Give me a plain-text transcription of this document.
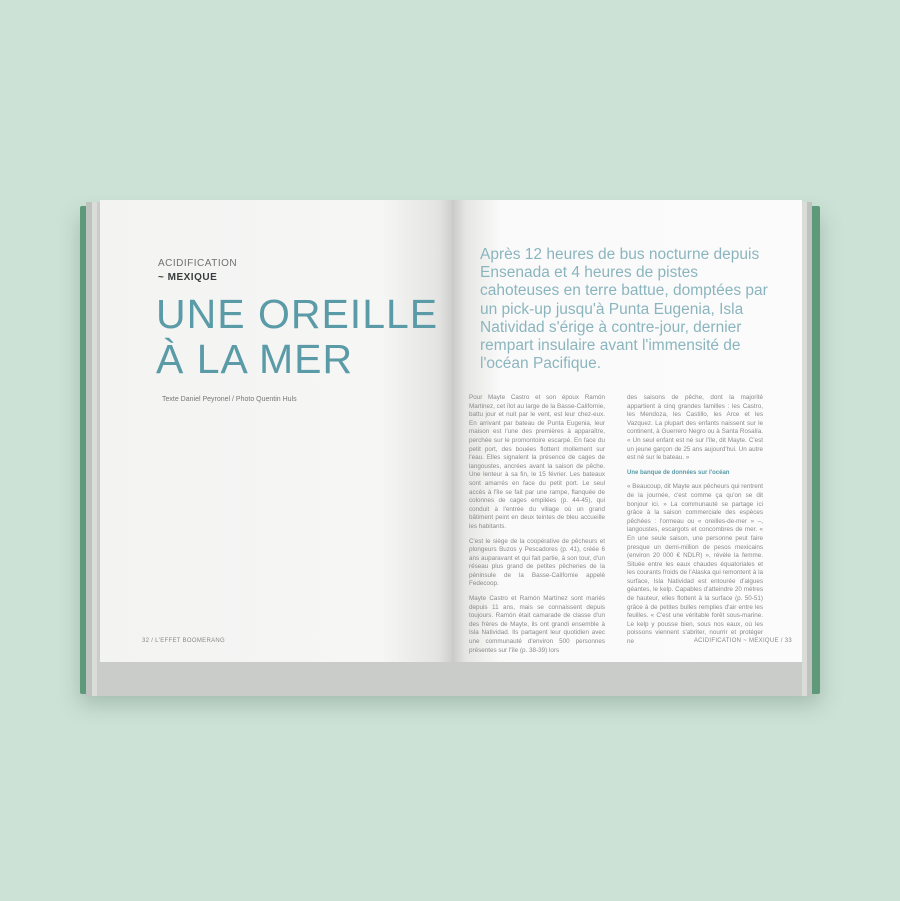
ACIDIFICATION
~ MEXIQUE
UNE OREILLE
À LA MER
Texte Daniel Peyronel / Photo Quentin Huls
32 / L'EFFET BOOMERANG
Après 12 heures de bus nocturne depuis Ensenada et 4 heures de pistes cahoteuses en terre battue, domptées par un pick-up jusqu'à Punta Eugenia, Isla Natividad s'érige à contre-jour, dernier rempart insulaire avant l'immensité de l'océan Pacifique.

Pour Mayte Castro et son époux Ramón Martinez, cet îlot au large de la Basse-Californie, battu jour et nuit par le vent, est leur chez-eux. En arrivant par bateau de Punta Eugenia, leur maison est l'une des premières à apparaître, perchée sur le promontoire escarpé. En face du petit port, des bouées flottent mollement sur l'eau. Elles signalent la présence de cages de langoustes, ancrées avant la saison de pêche. Une lenteur à sa fin, le 15 février. Les bateaux sont amarrés en face du petit port. Le seul accès à l'île se fait par une rampe, flanquée de colonnes de cages empilées (p. 44-45), qui conduit à l'entrée du village où un grand bâtiment peint en deux teintes de bleu accueille les habitants.

C'est le siège de la coopérative de pêcheurs et plongeurs Buzos y Pescadores (p. 41), créée 6 ans auparavant et qui fait partie, à son tour, d'un réseau plus grand de petites pêcheries de la péninsule de la Basse-Californie appelé Fedecoop.

Mayte Castro et Ramón Martínez sont mariés depuis 11 ans, mais se connaissent depuis toujours. Ramón était camarade de classe d'un des frères de Mayte, ils ont grandi ensemble à Isla Natividad. Ils partagent leur quotidien avec une communauté d'environ 500 personnes présentes sur l'île (p. 38-39) lors

des saisons de pêche, dont la majorité appartient à cinq grandes familles : les Castro, les Mendoza, les Castillo, les Arce et les Vazquez. La plupart des enfants naissent sur le continent, à Guerrero Negro ou à Santa Rosalía. « Un seul enfant est né sur l'île, dit Mayte. C'est un jeune garçon de 25 ans aujourd'hui. Un autre est né sur le bateau. »

Une banque de données sur l'océan

« Beaucoup, dit Mayte aux pêcheurs qui rentrent de la journée, c'est comme ça qu'on se dit bonjour ici. » La communauté se partage ici grâce à la saison commerciale des espèces pêchées : l'ormeau ou « oreilles-de-mer » –, langoustes, escargots et concombres de mer. « En une seule saison, une personne peut faire presque un demi-million de pesos mexicains (environ 20 000 € NDLR) », révèle la femme. Située entre les eaux chaudes équatoriales et les courants froids de l'Alaska qui remontent à la surface, Isla Natividad est entourée d'algues géantes, le kelp. Capables d'atteindre 20 mètres de hauteur, elles flottent à la surface (p. 50-51) grâce à de petites bulles remplies d'air entre les feuilles. « C'est une véritable forêt sous-marine. Le kelp y pousse bien, sous nos eaux, où les poissons viennent s'abriter, nourrir et protéger ne	ACIDIFICATION ~ MEXIQUE / 33
